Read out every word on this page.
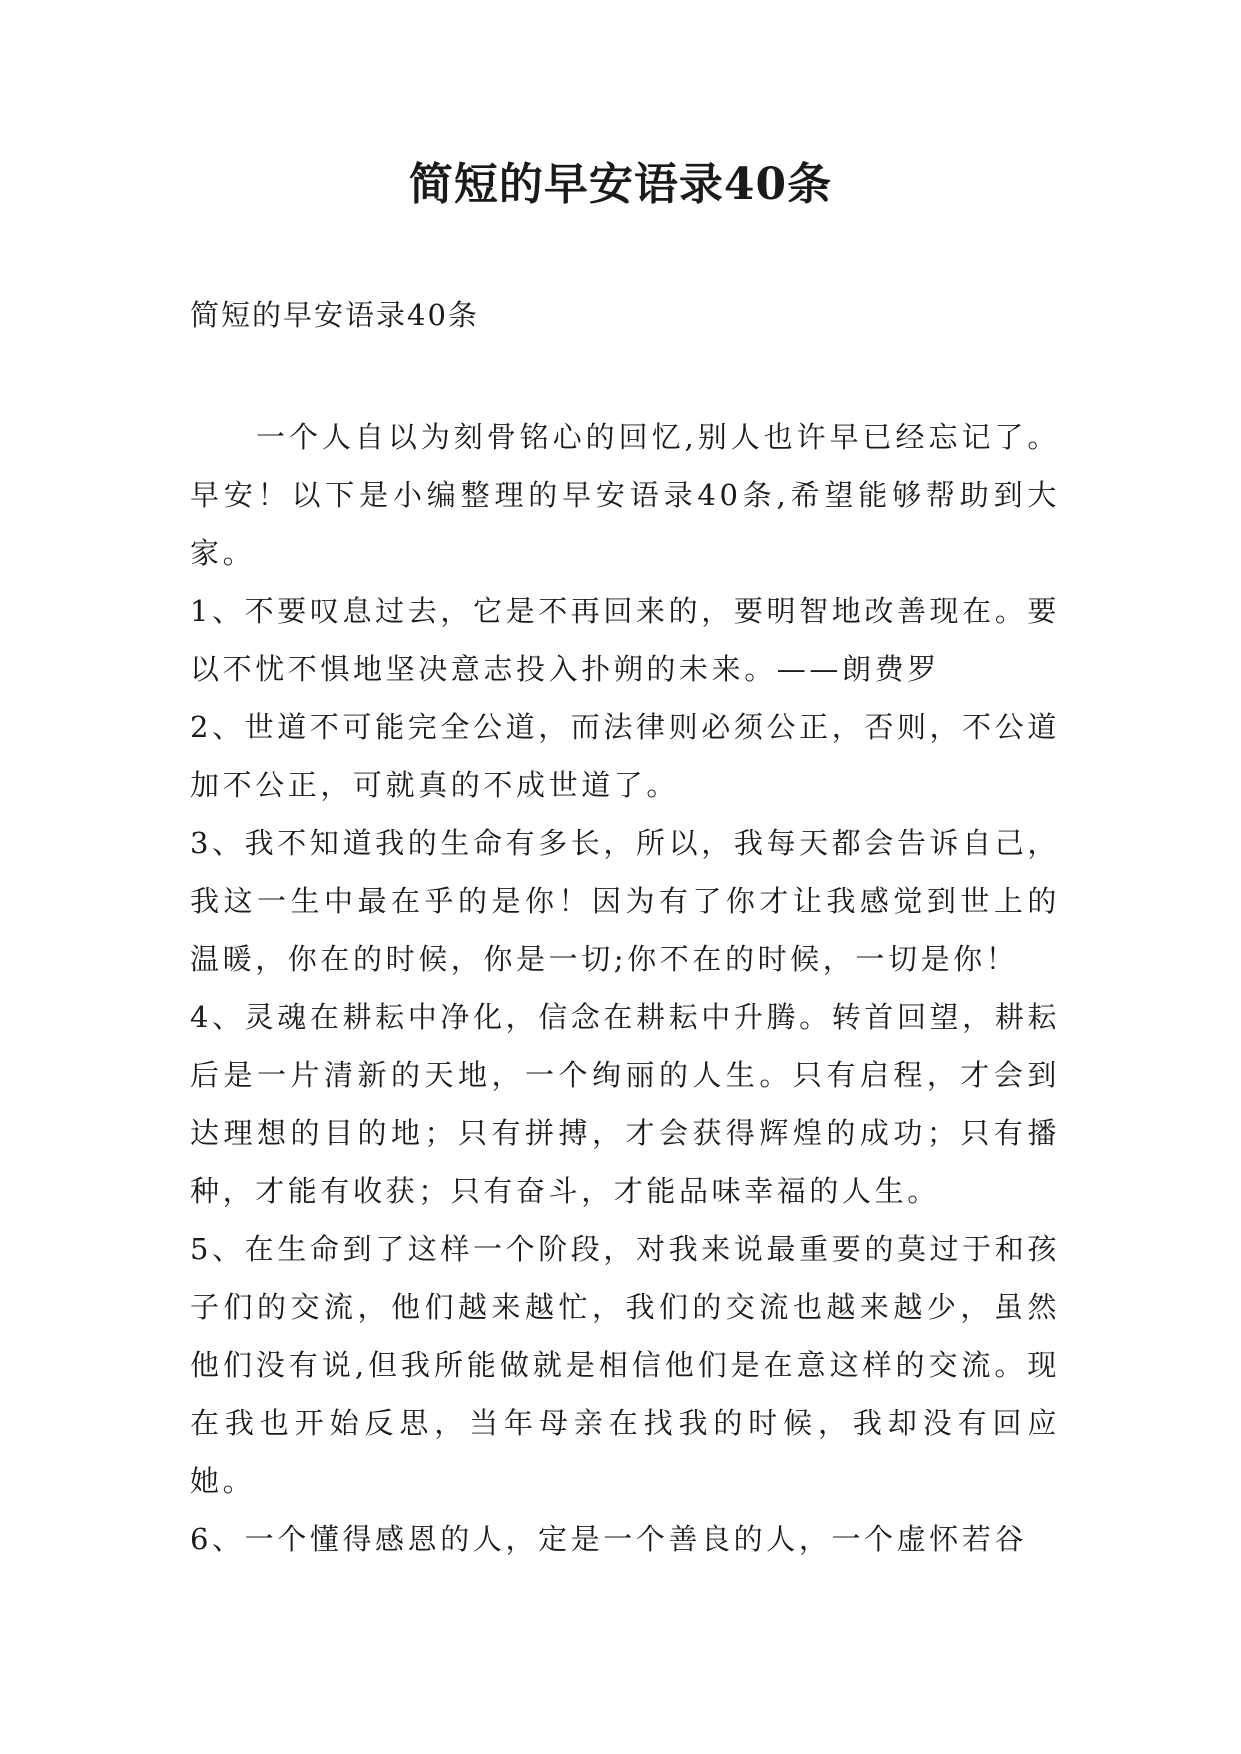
简短的早安语录40条

简短的早安语录40条

一个人自以为刻骨铭心的回忆,别人也许早已经忘记了。早安！以下是小编整理的早安语录40条,希望能够帮助到大家。

1、不要叹息过去，它是不再回来的，要明智地改善现在。要以不忧不惧地坚决意志投入扑朔的未来。——朗费罗

2、世道不可能完全公道，而法律则必须公正，否则，不公道加不公正，可就真的不成世道了。

3、我不知道我的生命有多长，所以，我每天都会告诉自己，我这一生中最在乎的是你！因为有了你才让我感觉到世上的温暖，你在的时候，你是一切;你不在的时候，一切是你！

4、灵魂在耕耘中净化，信念在耕耘中升腾。转首回望，耕耘后是一片清新的天地，一个绚丽的人生。只有启程，才会到达理想的目的地；只有拼搏，才会获得辉煌的成功；只有播种，才能有收获；只有奋斗，才能品味幸福的人生。

5、在生命到了这样一个阶段，对我来说最重要的莫过于和孩子们的交流，他们越来越忙，我们的交流也越来越少，虽然他们没有说,但我所能做就是相信他们是在意这样的交流。现在我也开始反思，当年母亲在找我的时候，我却没有回应她。

6、一个懂得感恩的人，定是一个善良的人，一个虚怀若谷
